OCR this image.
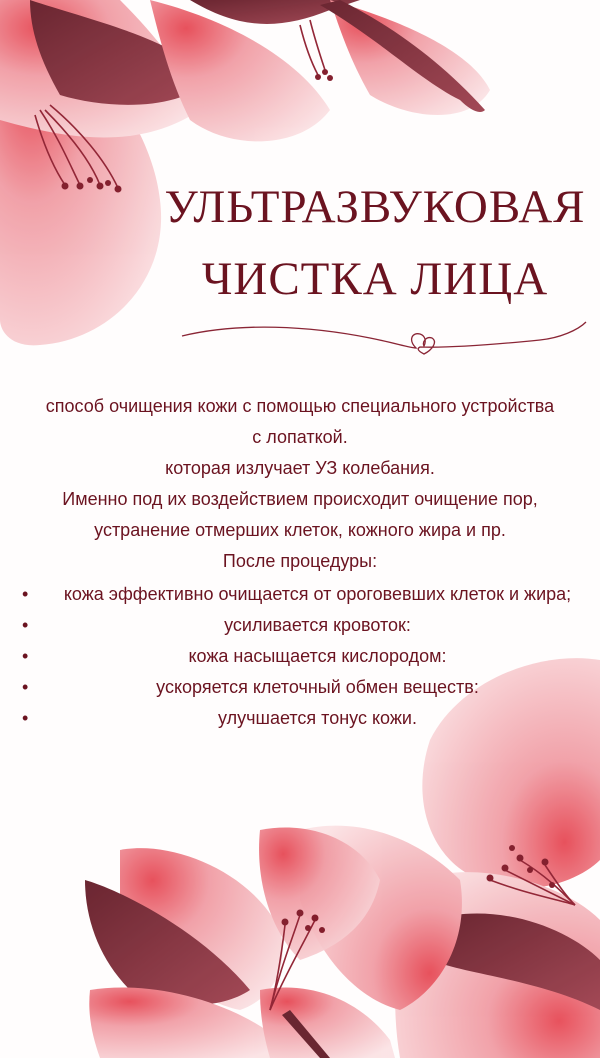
УЛЬТРАЗВУКОВАЯ
ЧИСТКА ЛИЦА

способ очищения кожи с помощью специального устройства

с лопаткой.

которая излучает УЗ колебания.

Именно под их воздействием происходит очищение пор,

устранение отмерших клеток, кожного жира и пр.

После процедуры:

• кожа эффективно очищается от ороговевших клеток и жира;
•	усиливается кровоток:
•	кожа насыщается кислородом:
•	ускоряется клеточный обмен веществ:
•	улучшается тонус кожи.
